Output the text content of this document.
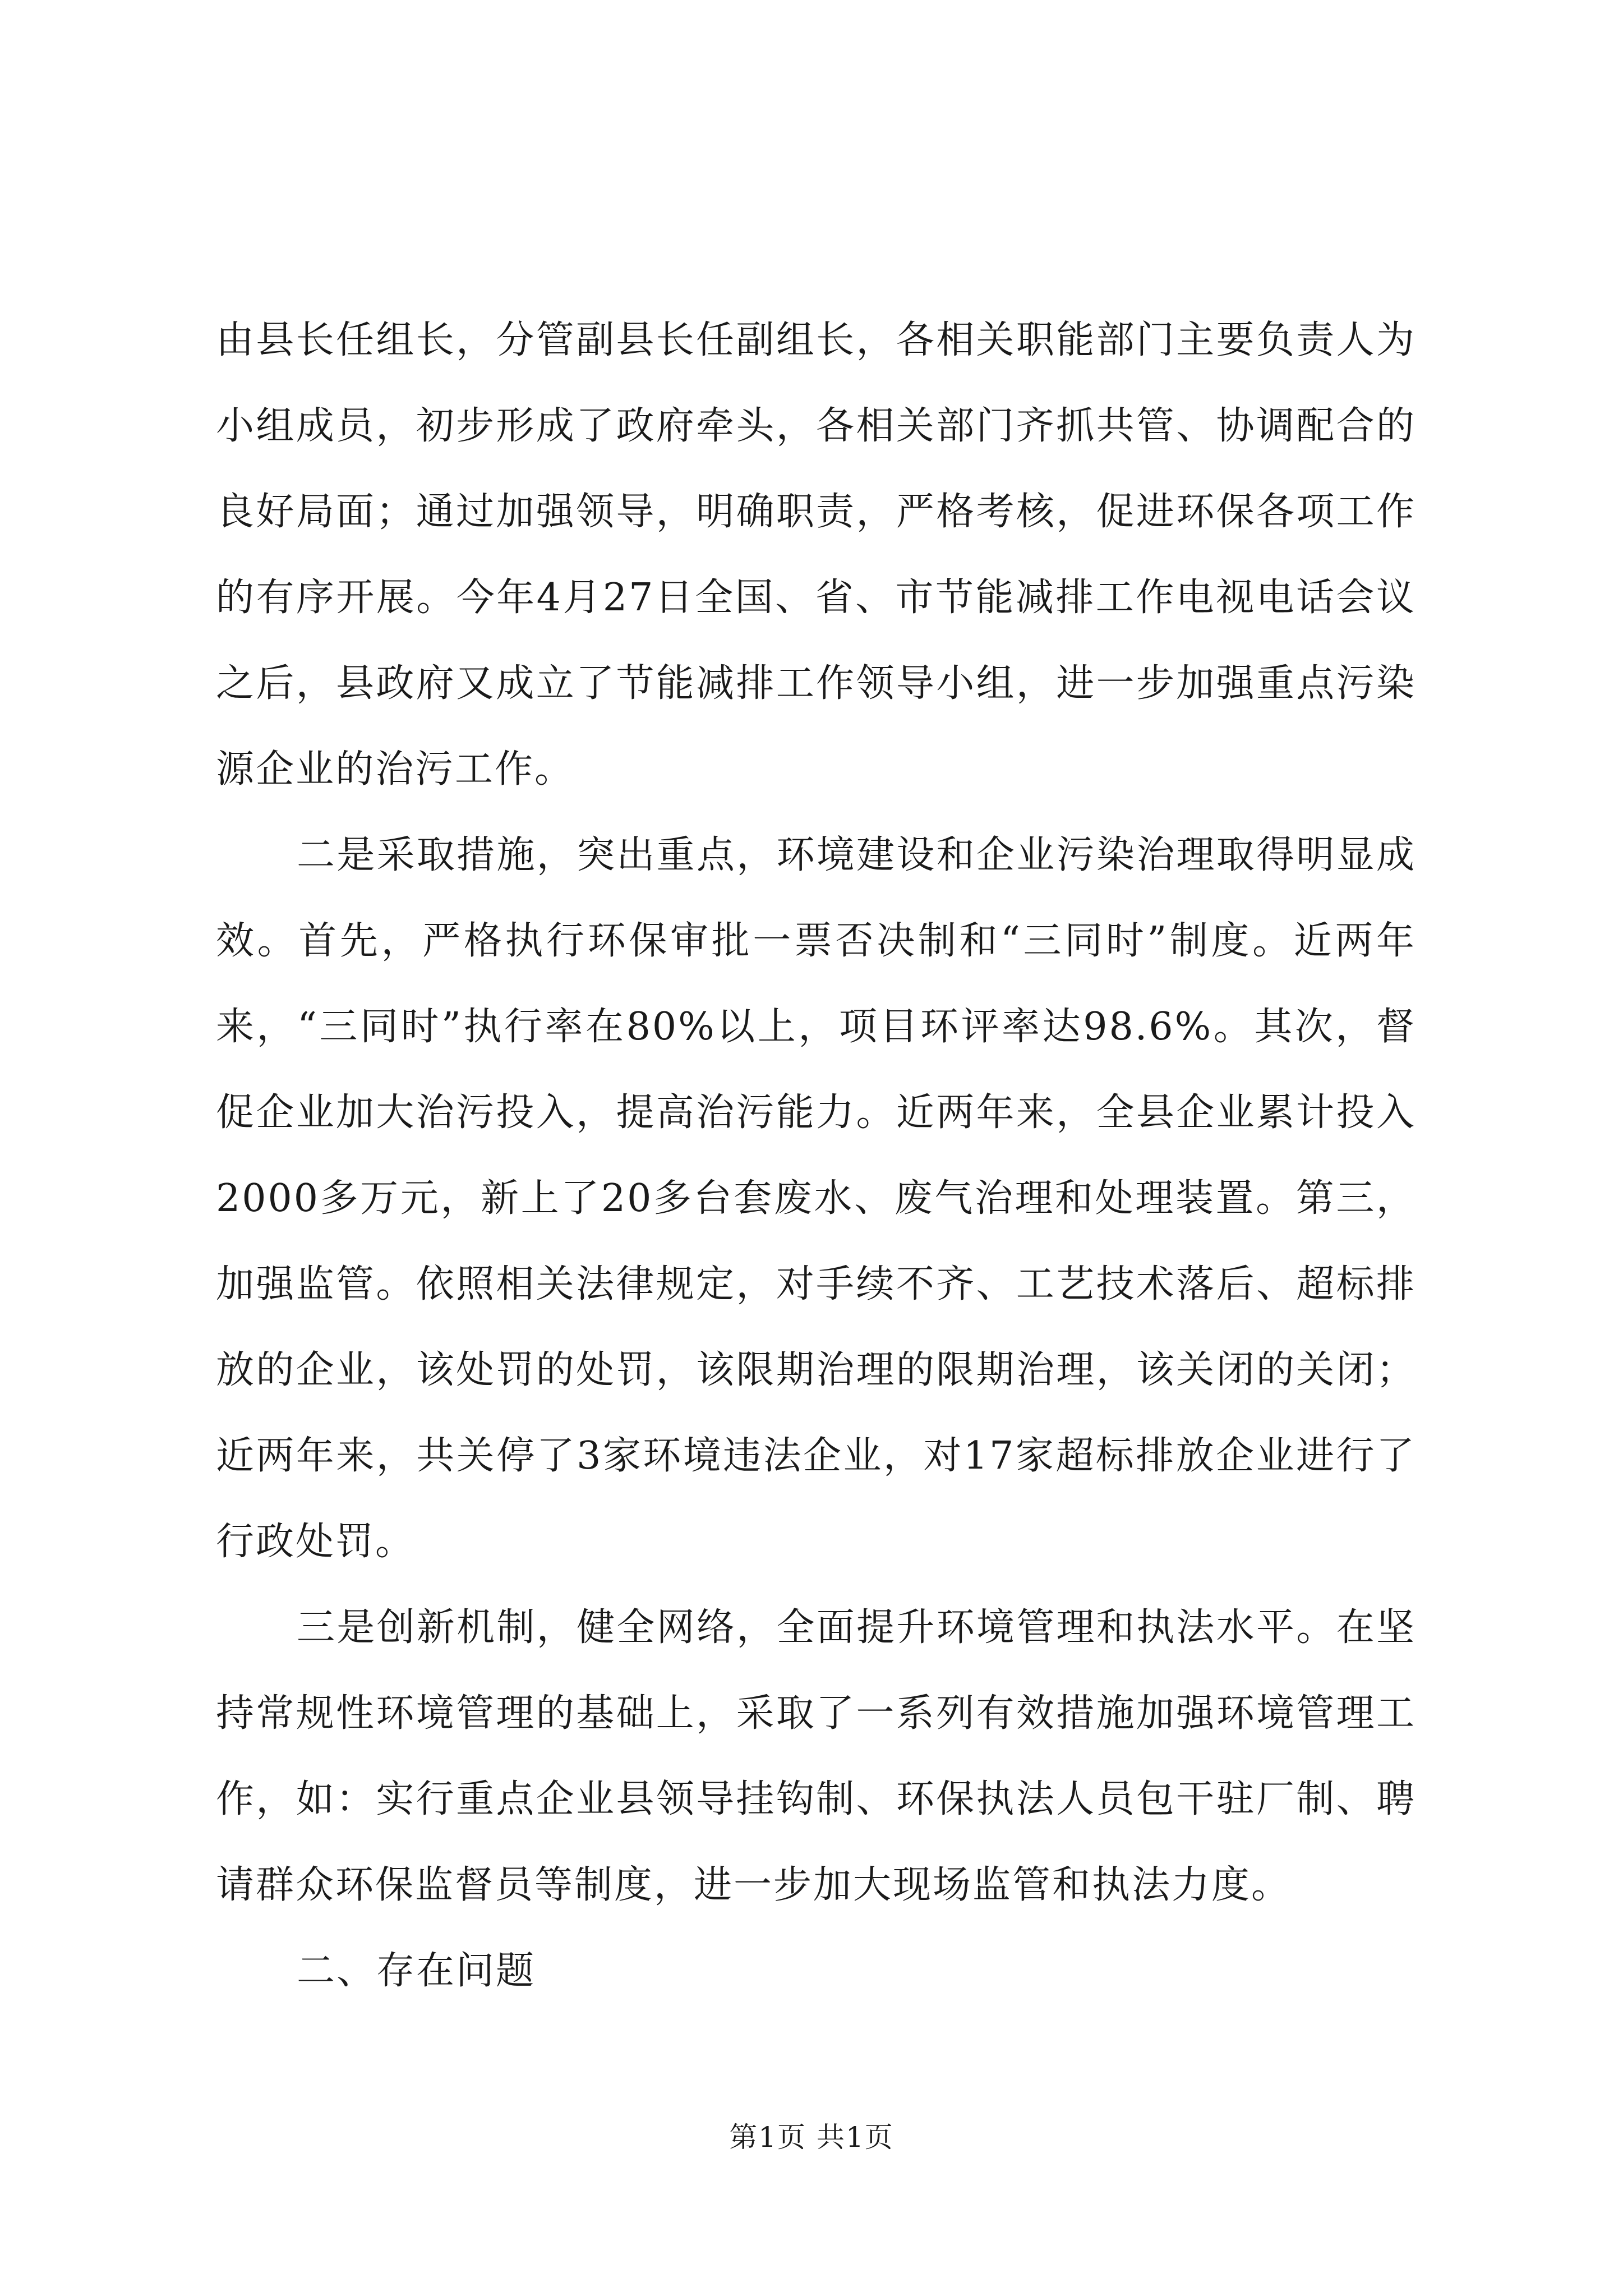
由县长任组长，分管副县长任副组长，各相关职能部门主要负责人为小组成员，初步形成了政府牵头，各相关部门齐抓共管、协调配合的良好局面；通过加强领导，明确职责，严格考核，促进环保各项工作的有序开展。今年4月27日全国、省、市节能减排工作电视电话会议之后，县政府又成立了节能减排工作领导小组，进一步加强重点污染源企业的治污工作。

二是采取措施，突出重点，环境建设和企业污染治理取得明显成效。首先，严格执行环保审批一票否决制和“三同时”制度。近两年来，“三同时”执行率在80%以上，项目环评率达98.6%。其次，督促企业加大治污投入，提高治污能力。近两年来，全县企业累计投入2000多万元，新上了20多台套废水、废气治理和处理装置。第三，加强监管。依照相关法律规定，对手续不齐、工艺技术落后、超标排放的企业，该处罚的处罚，该限期治理的限期治理，该关闭的关闭；近两年来，共关停了3家环境违法企业，对17家超标排放企业进行了行政处罚。

三是创新机制，健全网络，全面提升环境管理和执法水平。在坚持常规性环境管理的基础上，采取了一系列有效措施加强环境管理工作，如：实行重点企业县领导挂钩制、环保执法人员包干驻厂制、聘请群众环保监督员等制度，进一步加大现场监管和执法力度。

二、存在问题

第1页 共1页
